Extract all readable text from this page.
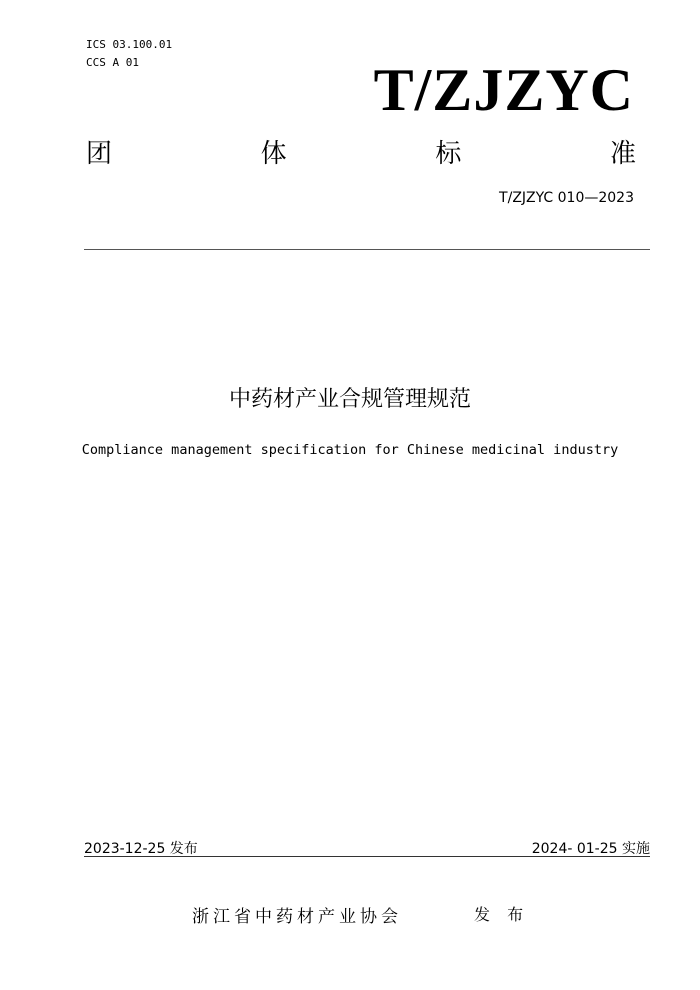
ICS 03.100.01
CCS A 01	T/ZJZYC
团	体	标	准
T/ZJZYC 010—2023
中药材产业合规管理规范
Compliance management specification for Chinese medicinal industry
2023-12-25 发布	2024- 01-25 实施
浙江省中药材产业协会	发 布
